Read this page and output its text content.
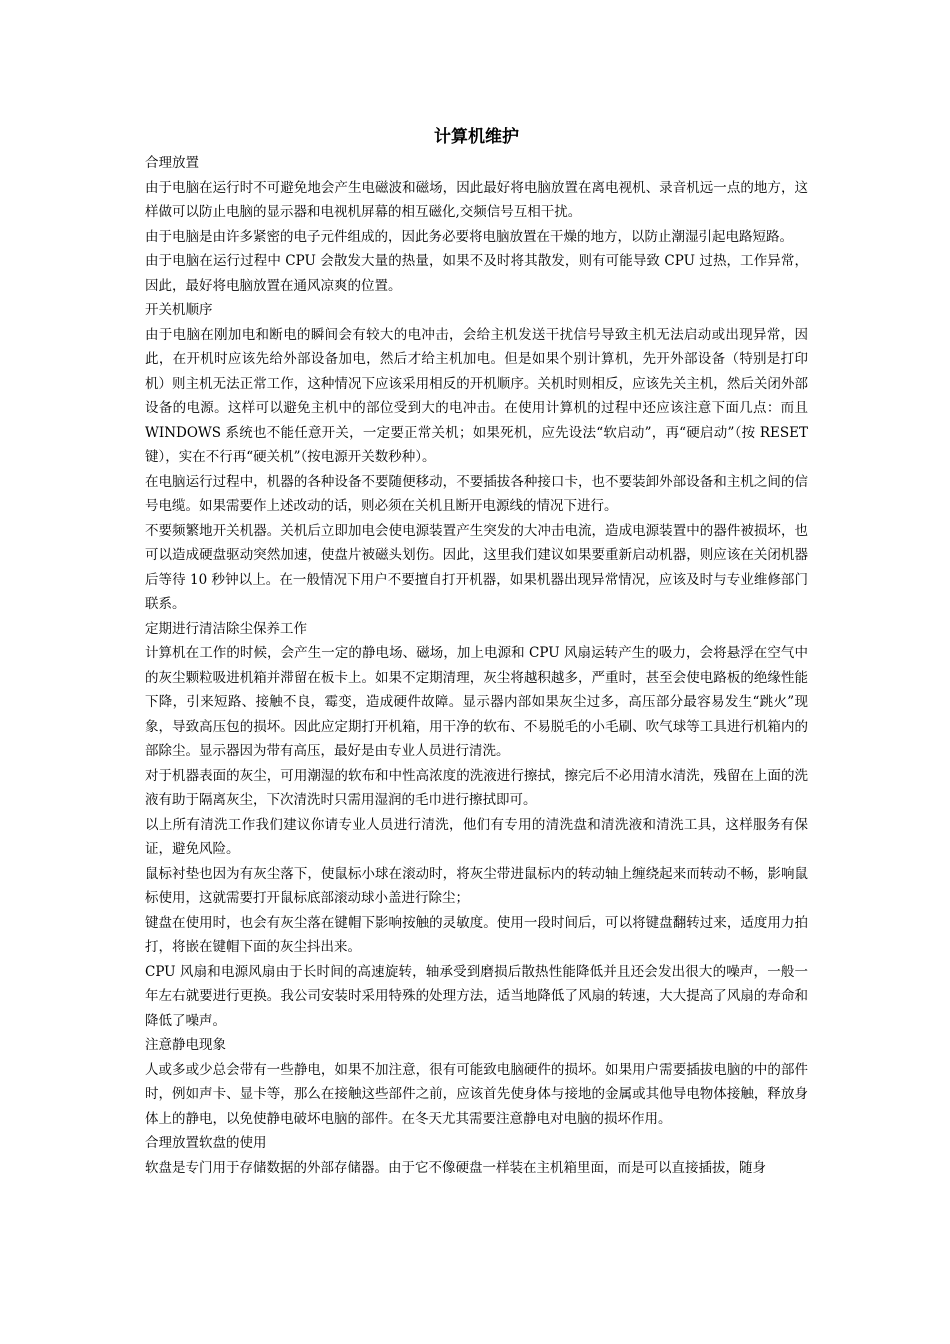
计算机维护

合理放置

由于电脑在运行时不可避免地会产生电磁波和磁场，因此最好将电脑放置在离电视机、录音机远一点的地方，这样做可以防止电脑的显示器和电视机屏幕的相互磁化,交频信号互相干扰。

由于电脑是由许多紧密的电子元件组成的，因此务必要将电脑放置在干燥的地方，以防止潮湿引起电路短路。

由于电脑在运行过程中 CPU 会散发大量的热量，如果不及时将其散发，则有可能导致 CPU 过热，工作异常，因此，最好将电脑放置在通风凉爽的位置。

开关机顺序

由于电脑在刚加电和断电的瞬间会有较大的电冲击，会给主机发送干扰信号导致主机无法启动或出现异常，因此，在开机时应该先给外部设备加电，然后才给主机加电。但是如果个别计算机，先开外部设备（特别是打印机）则主机无法正常工作，这种情况下应该采用相反的开机顺序。关机时则相反，应该先关主机，然后关闭外部设备的电源。这样可以避免主机中的部位受到大的电冲击。在使用计算机的过程中还应该注意下面几点：而且 WINDOWS 系统也不能任意开关，一定要正常关机；如果死机，应先设法“软启动”，再“硬启动”（按 RESET 键），实在不行再“硬关机”（按电源开关数秒种）。

在电脑运行过程中，机器的各种设备不要随便移动，不要插拔各种接口卡，也不要装卸外部设备和主机之间的信号电缆。如果需要作上述改动的话，则必须在关机且断开电源线的情况下进行。

不要频繁地开关机器。关机后立即加电会使电源装置产生突发的大冲击电流，造成电源装置中的器件被损坏，也可以造成硬盘驱动突然加速，使盘片被磁头划伤。因此，这里我们建议如果要重新启动机器，则应该在关闭机器后等待 10 秒钟以上。在一般情况下用户不要擅自打开机器，如果机器出现异常情况，应该及时与专业维修部门联系。

定期进行清洁除尘保养工作

计算机在工作的时候，会产生一定的静电场、磁场，加上电源和 CPU 风扇运转产生的吸力，会将悬浮在空气中的灰尘颗粒吸进机箱并滞留在板卡上。如果不定期清理，灰尘将越积越多，严重时，甚至会使电路板的绝缘性能下降，引来短路、接触不良，霉变，造成硬件故障。显示器内部如果灰尘过多，高压部分最容易发生“跳火”现象，导致高压包的损坏。因此应定期打开机箱，用干净的软布、不易脱毛的小毛刷、吹气球等工具进行机箱内的部除尘。显示器因为带有高压，最好是由专业人员进行清洗。

对于机器表面的灰尘，可用潮湿的软布和中性高浓度的洗液进行擦拭，擦完后不必用清水清洗，残留在上面的洗液有助于隔离灰尘，下次清洗时只需用湿润的毛巾进行擦拭即可。

以上所有清洗工作我们建议你请专业人员进行清洗，他们有专用的清洗盘和清洗液和清洗工具，这样服务有保证，避免风险。

鼠标衬垫也因为有灰尘落下，使鼠标小球在滚动时，将灰尘带进鼠标内的转动轴上缠绕起来而转动不畅，影响鼠标使用，这就需要打开鼠标底部滚动球小盖进行除尘；

键盘在使用时，也会有灰尘落在键帽下影响按触的灵敏度。使用一段时间后，可以将键盘翻转过来，适度用力拍打，将嵌在键帽下面的灰尘抖出来。

CPU 风扇和电源风扇由于长时间的高速旋转，轴承受到磨损后散热性能降低并且还会发出很大的噪声，一般一年左右就要进行更换。我公司安装时采用特殊的处理方法，适当地降低了风扇的转速，大大提高了风扇的寿命和降低了噪声。

注意静电现象

人或多或少总会带有一些静电，如果不加注意，很有可能致电脑硬件的损坏。如果用户需要插拔电脑的中的部件时，例如声卡、显卡等，那么在接触这些部件之前，应该首先使身体与接地的金属或其他导电物体接触，释放身体上的静电，以免使静电破坏电脑的部件。在冬天尤其需要注意静电对电脑的损坏作用。

合理放置软盘的使用

软盘是专门用于存储数据的外部存储器。由于它不像硬盘一样装在主机箱里面，而是可以直接插拔，随身
